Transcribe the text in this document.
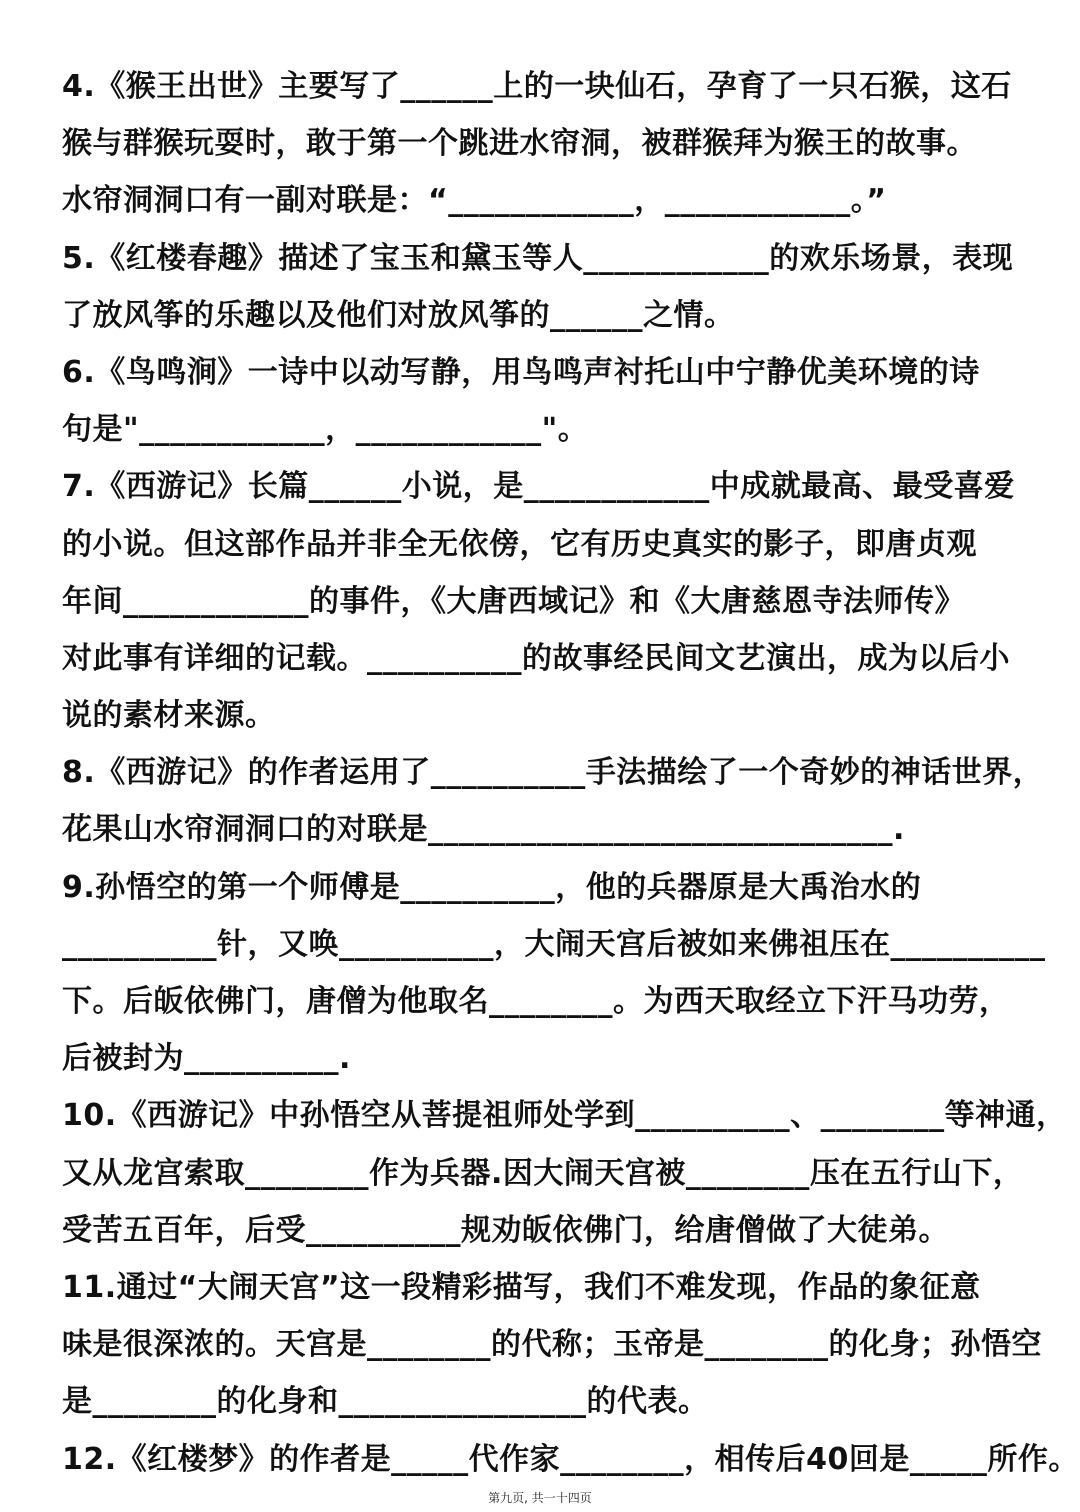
4.《猴王出世》主要写了______上的一块仙石，孕育了一只石猴，这石
猴与群猴玩耍时，敢于第一个跳进水帘洞，被群猴拜为猴王的故事。
水帘洞洞口有一副对联是：“____________，____________。”
5.《红楼春趣》描述了宝玉和黛玉等人____________的欢乐场景，表现
了放风筝的乐趣以及他们对放风筝的______之情。
6.《鸟鸣涧》一诗中以动写静，用鸟鸣声衬托山中宁静优美环境的诗
句是"____________，____________"。
7.《西游记》长篇______小说，是____________中成就最高、最受喜爱
的小说。但这部作品并非全无依傍，它有历史真实的影子，即唐贞观
年间____________的事件，《大唐西域记》和《大唐慈恩寺法师传》
对此事有详细的记载。__________的故事经民间文艺演出，成为以后小
说的素材来源。
8.《西游记》的作者运用了__________手法描绘了一个奇妙的神话世界，
花果山水帘洞洞口的对联是______________________________.
9.孙悟空的第一个师傅是__________，他的兵器原是大禹治水的
__________针，又唤__________，大闹天宫后被如来佛祖压在__________
下。后皈依佛门，唐僧为他取名________。为西天取经立下汗马功劳，
后被封为__________.
10.《西游记》中孙悟空从菩提祖师处学到__________、________等神通，
又从龙宫索取________作为兵器.因大闹天宫被________压在五行山下，
受苦五百年，后受__________规劝皈依佛门，给唐僧做了大徒弟。
11.通过“大闹天宫”这一段精彩描写，我们不难发现，作品的象征意
味是很深浓的。天宫是________的代称；玉帝是________的化身；孙悟空
是________的化身和________________的代表。
12.《红楼梦》的作者是_____代作家________，相传后40回是_____所作。
第九页, 共一十四页
